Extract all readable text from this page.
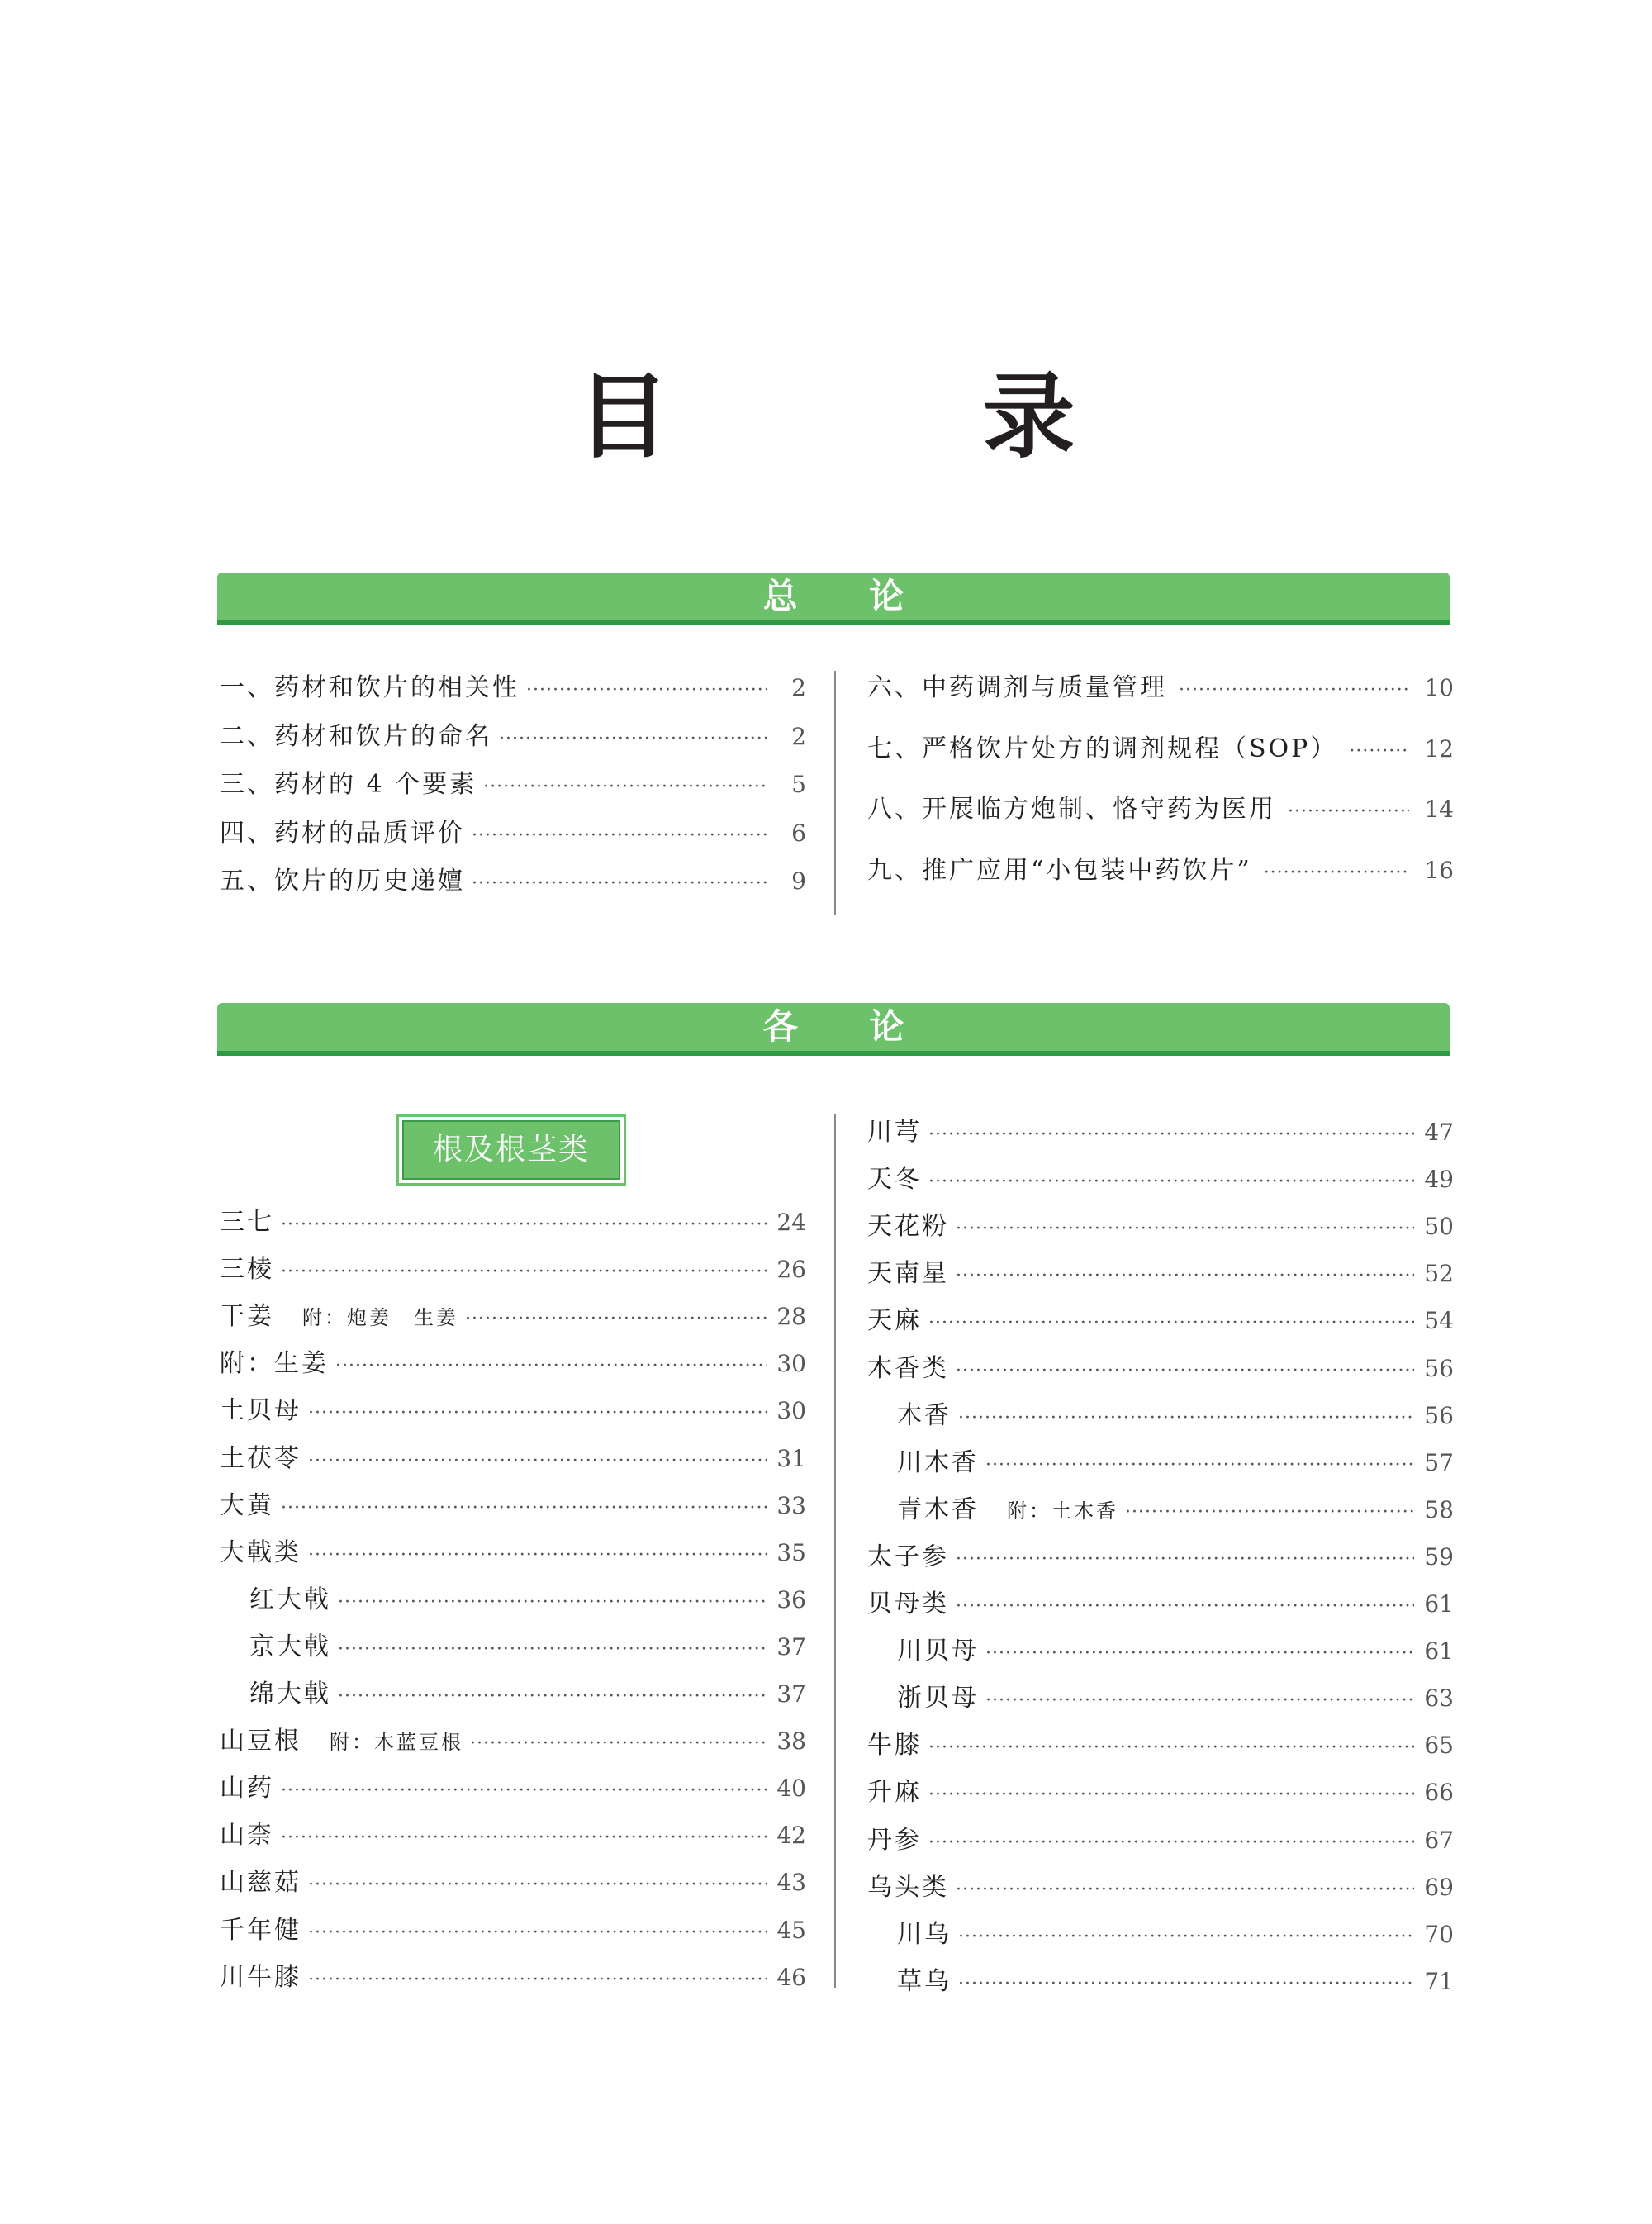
目 录
总 论
一、药材和饮片的相关性 ·····	2
二、药材和饮片的命名 ·····	2
三、药材的 4 个要素 ·····	5
四、药材的品质评价 ·····	6
五、饮片的历史递嬗 ·····	9
六、中药调剂与质量管理 ·····	10
七、严格饮片处方的调剂规程（SOP） ·····	12
八、开展临方炮制、恪守药为医用 ·····	14
九、推广应用“小包装中药饮片” ·····	16
各 论
根及根茎类
三七 ·····	24
三棱 ·····	26
干姜 附：炮姜　生姜 ·····	28
附：生姜 ·····	30
土贝母 ·····	30
土茯苓 ·····	31
大黄 ·····	33
大戟类 ·····	35
红大戟 ·····	36
京大戟 ·····	37
绵大戟 ·····	37
山豆根 附：木蓝豆根 ·····	38
山药 ·····	40
山柰 ·····	42
山慈菇 ·····	43
千年健 ·····	45
川牛膝 ·····	46
川芎 ·····	47
天冬 ·····	49
天花粉 ·····	50
天南星 ·····	52
天麻 ·····	54
木香类 ·····	56
木香 ·····	56
川木香 ·····	57
青木香 附：土木香 ·····	58
太子参 ·····	59
贝母类 ·····	61
川贝母 ·····	61
浙贝母 ·····	63
牛膝 ·····	65
升麻 ·····	66
丹参 ·····	67
乌头类 ·····	69
川乌 ·····	70
草乌 ·····	71
